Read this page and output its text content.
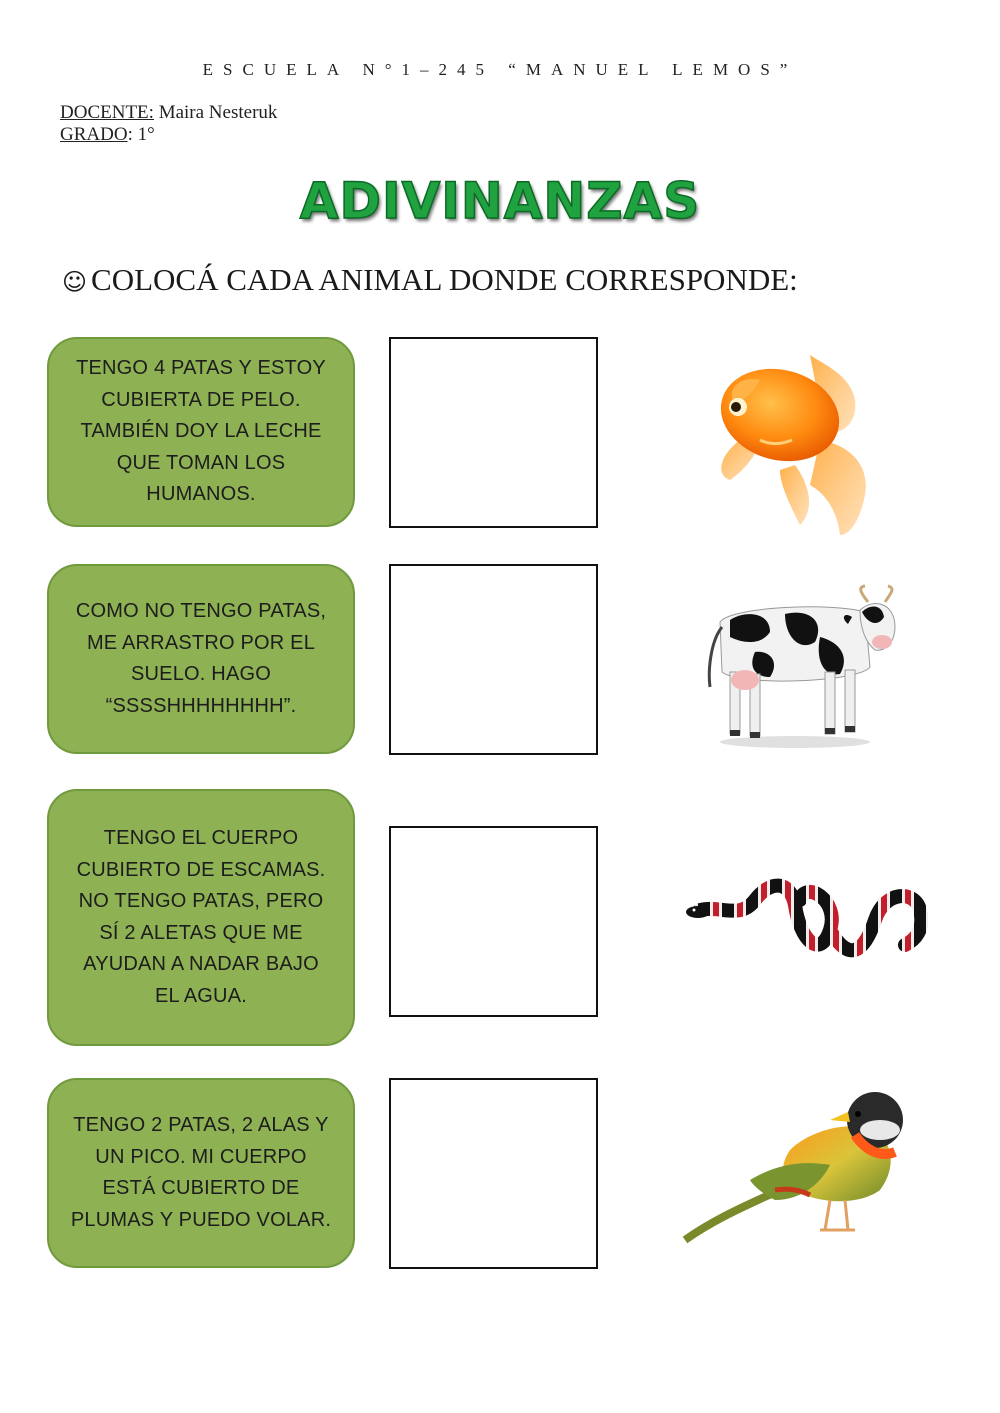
ESCUELA N°1–245 “MANUEL LEMOS”
DOCENTE: Maira Nesteruk
GRADO: 1°
ADIVINANZAS
☺ COLOCÁ CADA ANIMAL DONDE CORRESPONDE:
TENGO 4 PATAS Y ESTOY
CUBIERTA DE PELO.
TAMBIÉN DOY LA LECHE
QUE TOMAN LOS
HUMANOS.
COMO NO TENGO PATAS,
ME ARRASTRO POR EL
SUELO. HAGO
“SSSSHHHHHHHH”.
TENGO EL CUERPO
CUBIERTO DE ESCAMAS.
NO TENGO PATAS, PERO
SÍ 2 ALETAS QUE ME
AYUDAN A NADAR BAJO
EL AGUA.
TENGO 2 PATAS, 2 ALAS Y
UN PICO. MI CUERPO
ESTÁ CUBIERTO DE
PLUMAS Y PUEDO VOLAR.
